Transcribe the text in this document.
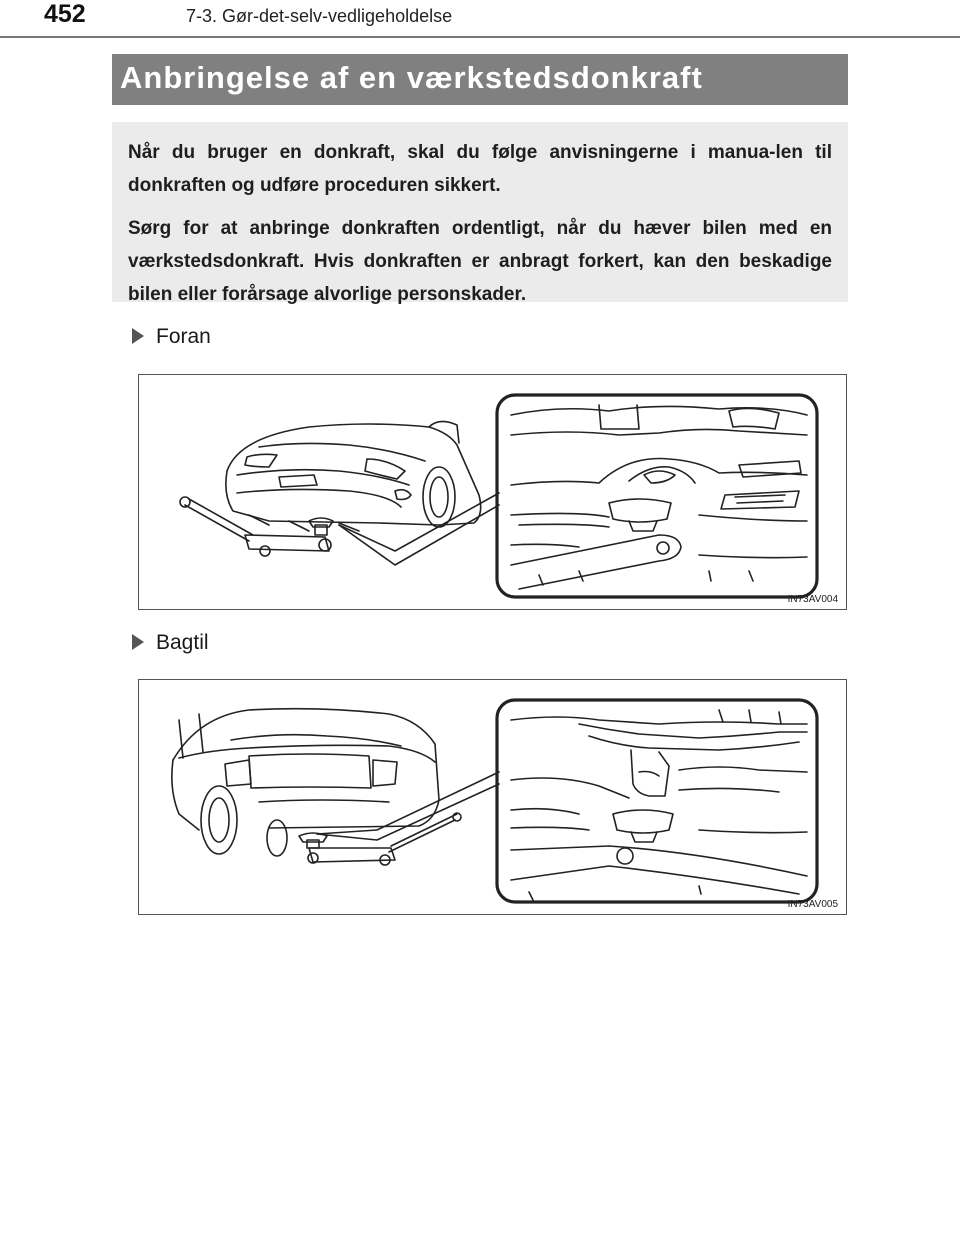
452	7-3. Gør-det-selv-vedligeholdelse
Anbringelse af en værkstedsdonkraft

Når du bruger en donkraft, skal du følge anvisningerne i manua-len til donkraften og udføre proceduren sikkert.

Sørg for at anbringe donkraften ordentligt, når du hæver bilen med en værkstedsdonkraft. Hvis donkraften er anbragt forkert, kan den beskadige bilen eller forårsage alvorlige personskader.

Foran
IN73AV004
Bagtil
IN73AV005
